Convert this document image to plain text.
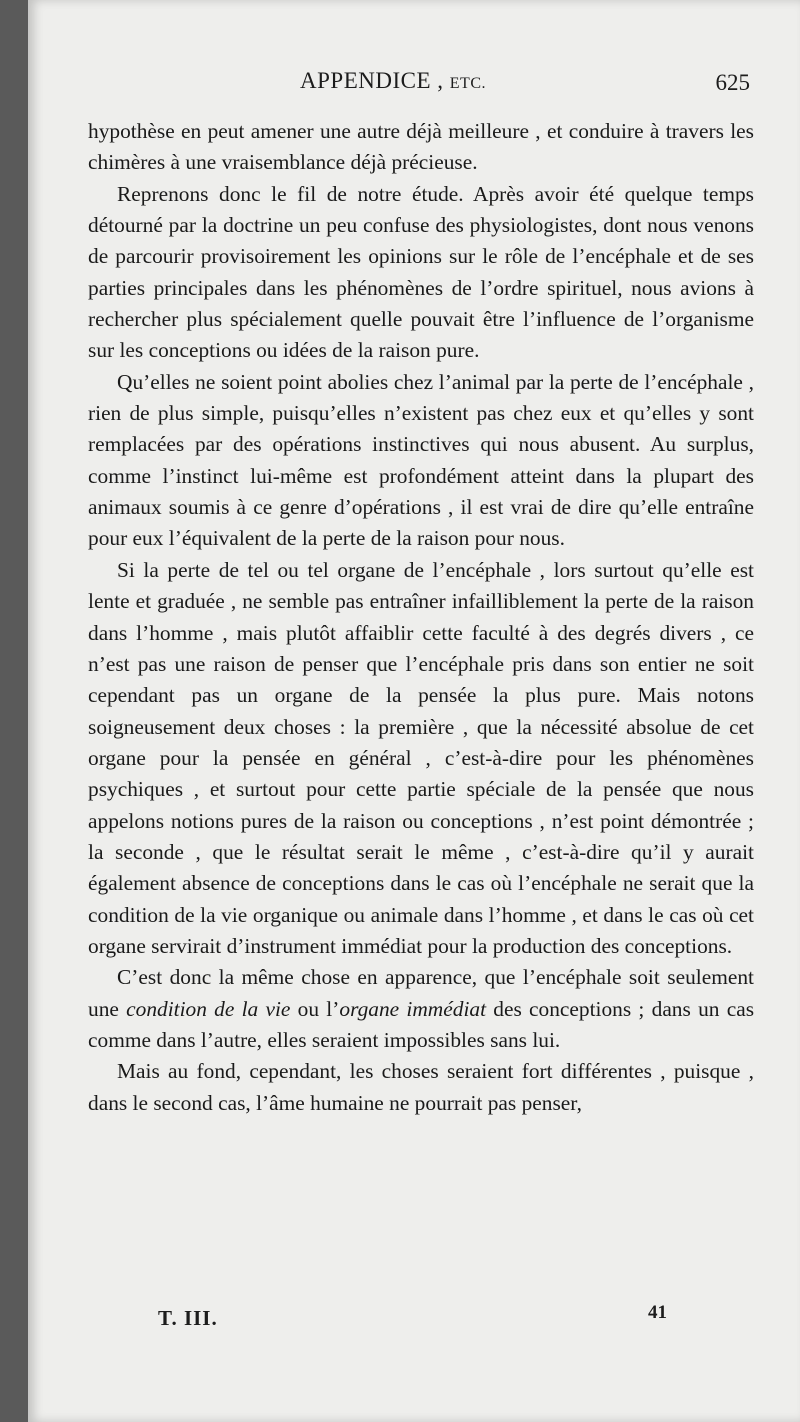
APPENDICE , ETC.	625

hypothèse en peut amener une autre déjà meilleure , et conduire à travers les chimères à une vraisemblance déjà précieuse.

Reprenons donc le fil de notre étude. Après avoir été quelque temps détourné par la doctrine un peu confuse des physiologistes, dont nous venons de parcourir provisoirement les opinions sur le rôle de l’encéphale et de ses parties principales dans les phénomènes de l’ordre spirituel, nous avions à rechercher plus spécialement quelle pouvait être l’influence de l’organisme sur les conceptions ou idées de la raison pure.

Qu’elles ne soient point abolies chez l’animal par la perte de l’encéphale , rien de plus simple, puisqu’elles n’existent pas chez eux et qu’elles y sont remplacées par des opérations instinctives qui nous abusent. Au surplus, comme l’instinct lui-même est profondément atteint dans la plupart des animaux soumis à ce genre d’opérations , il est vrai de dire qu’elle entraîne pour eux l’équivalent de la perte de la raison pour nous.

Si la perte de tel ou tel organe de l’encéphale , lors surtout qu’elle est lente et graduée , ne semble pas entraîner infailliblement la perte de la raison dans l’homme , mais plutôt affaiblir cette faculté à des degrés divers , ce n’est pas une raison de penser que l’encéphale pris dans son entier ne soit cependant pas un organe de la pensée la plus pure. Mais notons soigneusement deux choses : la première , que la nécessité absolue de cet organe pour la pensée en général , c’est-à-dire pour les phénomènes psychiques , et surtout pour cette partie spéciale de la pensée que nous appelons notions pures de la raison ou conceptions , n’est point démontrée ; la seconde , que le résultat serait le même , c’est-à-dire qu’il y aurait également absence de conceptions dans le cas où l’encéphale ne serait que la condition de la vie organique ou animale dans l’homme , et dans le cas où cet organe servirait d’instrument immédiat pour la production des conceptions.

C’est donc la même chose en apparence, que l’encéphale soit seulement une condition de la vie ou l’organe immédiat des conceptions ; dans un cas comme dans l’autre, elles seraient impossibles sans lui.

Mais au fond, cependant, les choses seraient fort différentes , puisque , dans le second cas, l’âme humaine ne pourrait pas penser,

T. III.	41
